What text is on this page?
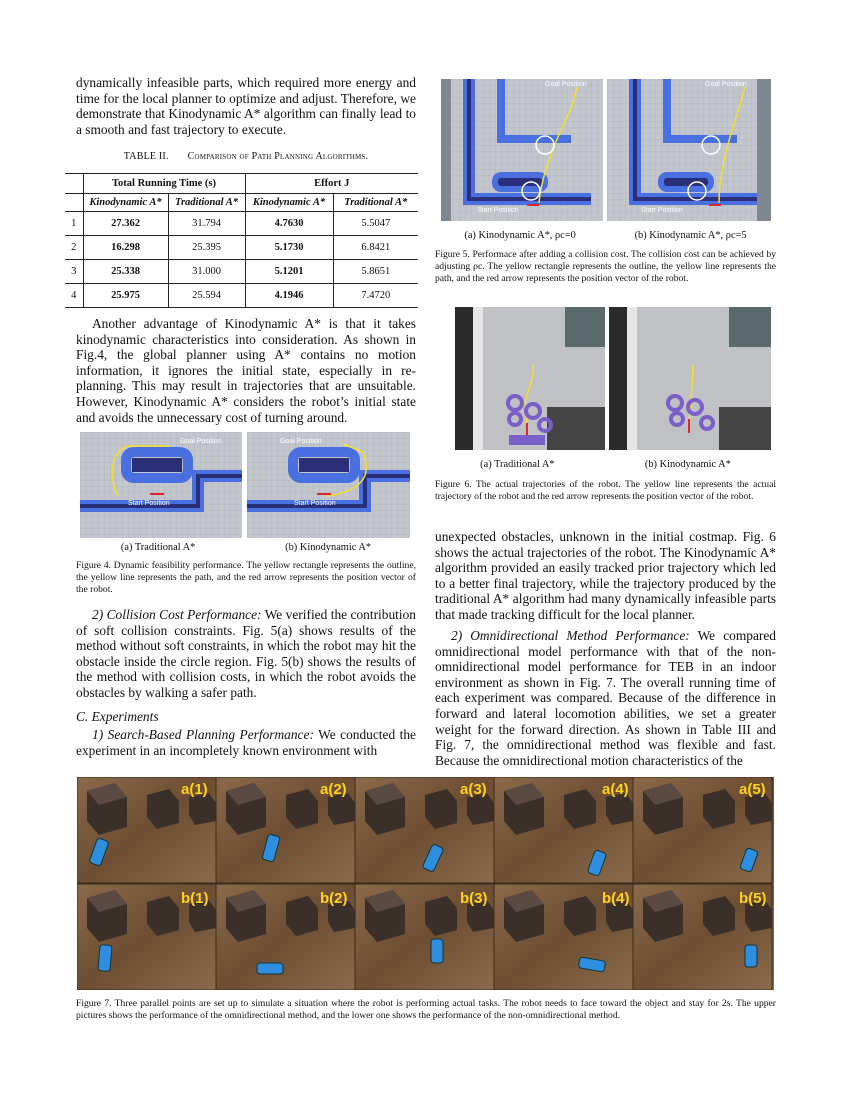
dynamically infeasible parts, which required more energy and time for the local planner to optimize and adjust. Therefore, we demonstrate that Kinodynamic A* algorithm can finally lead to a smooth and fast trajectory to execute.

TABLE II. Comparison of Path Planning Algorithms.
	Total Running Time (s)		Effort J	
	Kinodynamic A*	Traditional A*	Kinodynamic A*	Traditional A*
1	27.362	31.794	4.7630	5.5047
2	16.298	25.395	5.1730	6.8421
3	25.338	31.000	5.1201	5.8651
4	25.975	25.594	4.1946	7.4720

Another advantage of Kinodynamic A* is that it takes kinodynamic characteristics into consideration. As shown in Fig.4, the global planner using A* contains no motion information, it ignores the initial state, especially in re-planning. This may result in trajectories that are unsuitable. However, Kinodynamic A* considers the robot’s initial state and avoids the unnecessary cost of turning around.

Goal Position
Start Position
Goal Position
Start Position
(a) Traditional A*	(b) Kinodynamic A*

Figure 4. Dynamic feasibility performance. The yellow rectangle represents the outline, the yellow line represents the path, and the red arrow represents the position vector of the robot.

2) Collision Cost Performance: We verified the contribution of soft collision constraints. Fig. 5(a) shows results of the method without soft constraints, in which the robot may hit the obstacle inside the circle region. Fig. 5(b) shows the results of the method with collision costs, in which the robot avoids the obstacles by walking a safer path.

C. Experiments

1) Search-Based Planning Performance: We conducted the experiment in an incompletely known environment with

Goal Position
Start Position
Goal Position
Start Position
(a) Kinodynamic A*, ρc=0	(b) Kinodynamic A*, ρc=5

Figure 5. Performace after adding a collision cost. The collision cost can be achieved by adjusting ρc. The yellow rectangle represents the outline, the yellow line represents the path, and the red arrow represents the position vector of the robot.

(a) Traditional A*	(b) Kinodynamic A*

Figure 6. The actual trajectories of the robot. The yellow line represents the actual trajectory of the robot and the red arrow represents the position vector of the robot.

unexpected obstacles, unknown in the initial costmap. Fig. 6 shows the actual trajectories of the robot. The Kinodynamic A* algorithm provided an easily tracked prior trajectory which led to a better final trajectory, while the trajectory produced by the traditional A* algorithm had many dynamically infeasible parts that made tracking difficult for the local planner.

2) Omnidirectional Method Performance: We compared omnidirectional model performance with that of the non-omnidirectional model performance for TEB in an indoor environment as shown in Fig. 7. The overall running time of each experiment was compared. Because of the difference in forward and lateral locomotion abilities, we set a greater weight for the forward direction. As shown in Table III and Fig. 7, the omnidirectional method was flexible and fast. Because the omnidirectional motion characteristics of the

a(1)	a(2)	a(3)	a(4)	a(5)
b(1)	b(2)	b(3)	b(4)	b(5)

Figure 7. Three parallel points are set up to simulate a situation where the robot is performing actual tasks. The robot needs to face toward the object and stay for 2s. The upper pictures shows the performance of the omnidirectional method, and the lower one shows the performance of the non-omnidirectional method.
